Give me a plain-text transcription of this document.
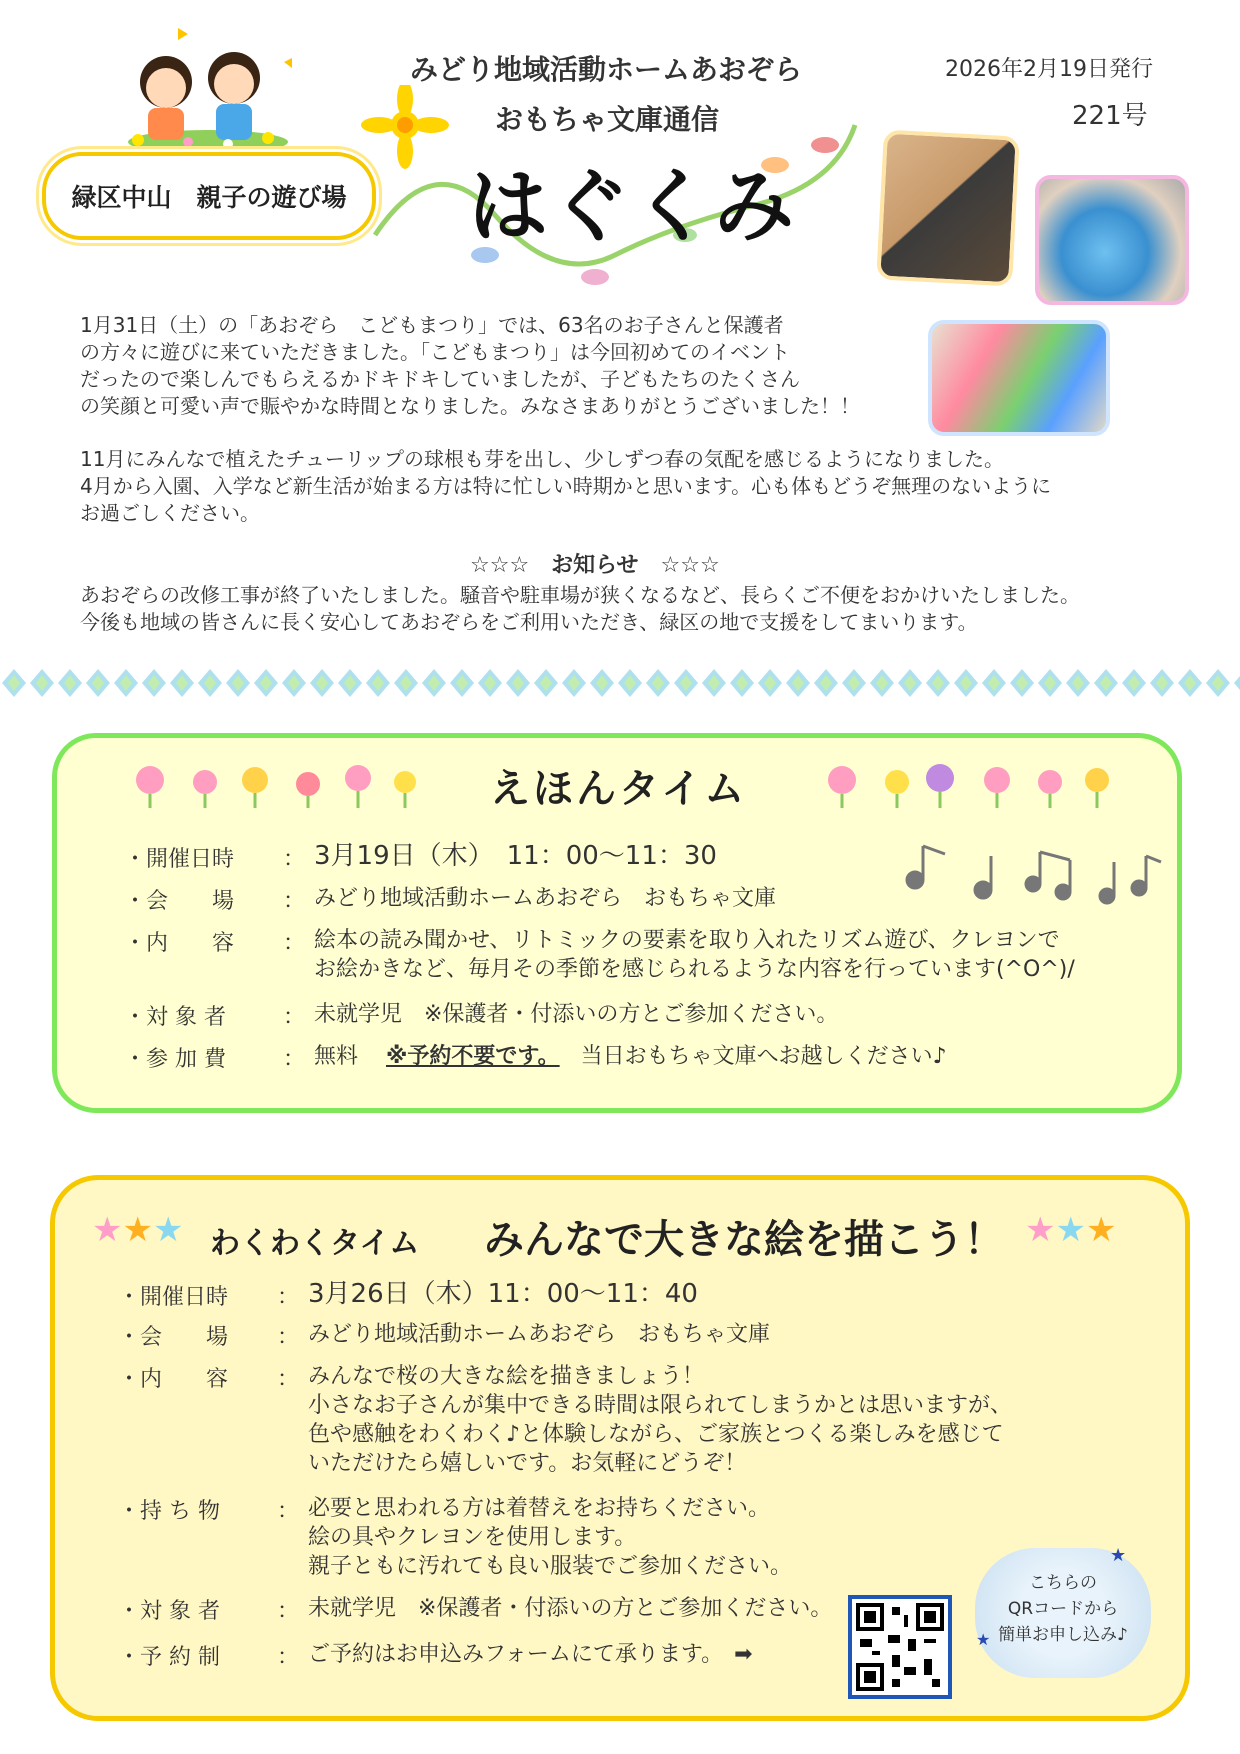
緑区中山　親子の遊び場
みどり地域活動ホームあおぞら
おもちゃ文庫通信
はぐくみ
2026年2月19日発行
221号

1月31日（土）の「あおぞら　こどもまつり」では、63名のお子さんと保護者

の方々に遊びに来ていただきました。「こどもまつり」は今回初めてのイベント

だったので楽しんでもらえるかドキドキしていましたが、子どもたちのたくさん

の笑顔と可愛い声で賑やかな時間となりました。みなさまありがとうございました！！

11月にみんなで植えたチューリップの球根も芽を出し、少しずつ春の気配を感じるようになりました。

4月から入園、入学など新生活が始まる方は特に忙しい時期かと思います。心も体もどうぞ無理のないように

お過ごしください。

☆☆☆　お知らせ　☆☆☆

あおぞらの改修工事が終了いたしました。騒音や駐車場が狭くなるなど、長らくご不便をおかけいたしました。

今後も地域の皆さんに長く安心してあおぞらをご利用いただき、緑区の地で支援をしてまいります。

えほんタイム
・開催日時	： 3月19日（木）　11：00～11：30
・会　　場	： みどり地域活動ホームあおぞら　おもちゃ文庫
・内　　容	： 絵本の読み聞かせ、リトミックの要素を取り入れたリズム遊び、クレヨンで
お絵かきなど、毎月その季節を感じられるような内容を行っています(^O^)/
・対 象 者	： 未就学児　※保護者・付添いの方とご参加ください。
・参 加 費	： 無料 ※予約不要です。 当日おもちゃ文庫へお越しください♪
★★★ わくわくタイム みんなで大きな絵を描こう！ ★★★
・開催日時	： 3月26日（木）11：00～11：40
・会　　場	： みどり地域活動ホームあおぞら　おもちゃ文庫
・内　　容	： みんなで桜の大きな絵を描きましょう！
小さなお子さんが集中できる時間は限られてしまうかとは思いますが、
色や感触をわくわく♪と体験しながら、ご家族とつくる楽しみを感じて
いただけたら嬉しいです。お気軽にどうぞ！
・持 ち 物	： 必要と思われる方は着替えをお持ちください。
絵の具やクレヨンを使用します。
親子ともに汚れても良い服装でご参加ください。
・対 象 者	： 未就学児　※保護者・付添いの方とご参加ください。
・予 約 制	： ご予約はお申込みフォームにて承ります。　➡
こちらの
QRコードから
簡単お申し込み♪
★
★
